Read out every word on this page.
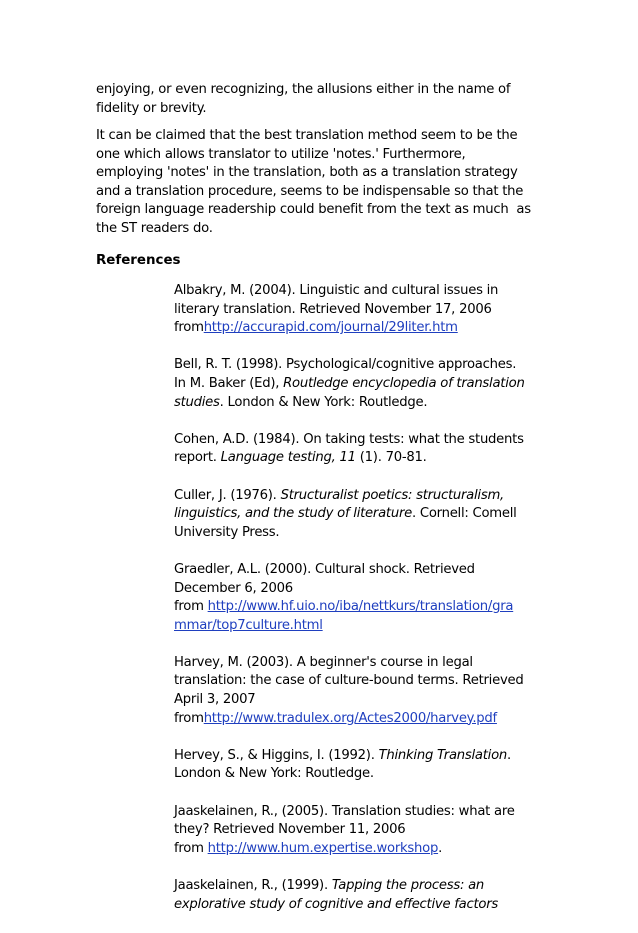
enjoying, or even recognizing, the allusions either in the name of
fidelity or brevity.

It can be claimed that the best translation method seem to be the
one which allows translator to utilize 'notes.' Furthermore,
employing 'notes' in the translation, both as a translation strategy
and a translation procedure, seems to be indispensable so that the
foreign language readership could benefit from the text as much  as
the ST readers do.

References
Albakry, M. (2004). Linguistic and cultural issues in
literary translation. Retrieved November 17, 2006
fromhttp://accurapid.com/journal/29liter.htm
Bell, R. T. (1998). Psychological/cognitive approaches.
In M. Baker (Ed), Routledge encyclopedia of translation
studies. London & New York: Routledge.
Cohen, A.D. (1984). On taking tests: what the students
report. Language testing, 11 (1). 70-81.
Culler, J. (1976). Structuralist poetics: structuralism,
linguistics, and the study of literature. Cornell: Comell
University Press.
Graedler, A.L. (2000). Cultural shock. Retrieved
December 6, 2006
from http://www.hf.uio.no/iba/nettkurs/translation/gra
mmar/top7culture.html
Harvey, M. (2003). A beginner's course in legal
translation: the case of culture-bound terms. Retrieved
April 3, 2007
fromhttp://www.tradulex.org/Actes2000/harvey.pdf
Hervey, S., & Higgins, I. (1992). Thinking Translation.
London & New York: Routledge.
Jaaskelainen, R., (2005). Translation studies: what are
they? Retrieved November 11, 2006
from http://www.hum.expertise.workshop.
Jaaskelainen, R., (1999). Tapping the process: an
explorative study of cognitive and effective factors
